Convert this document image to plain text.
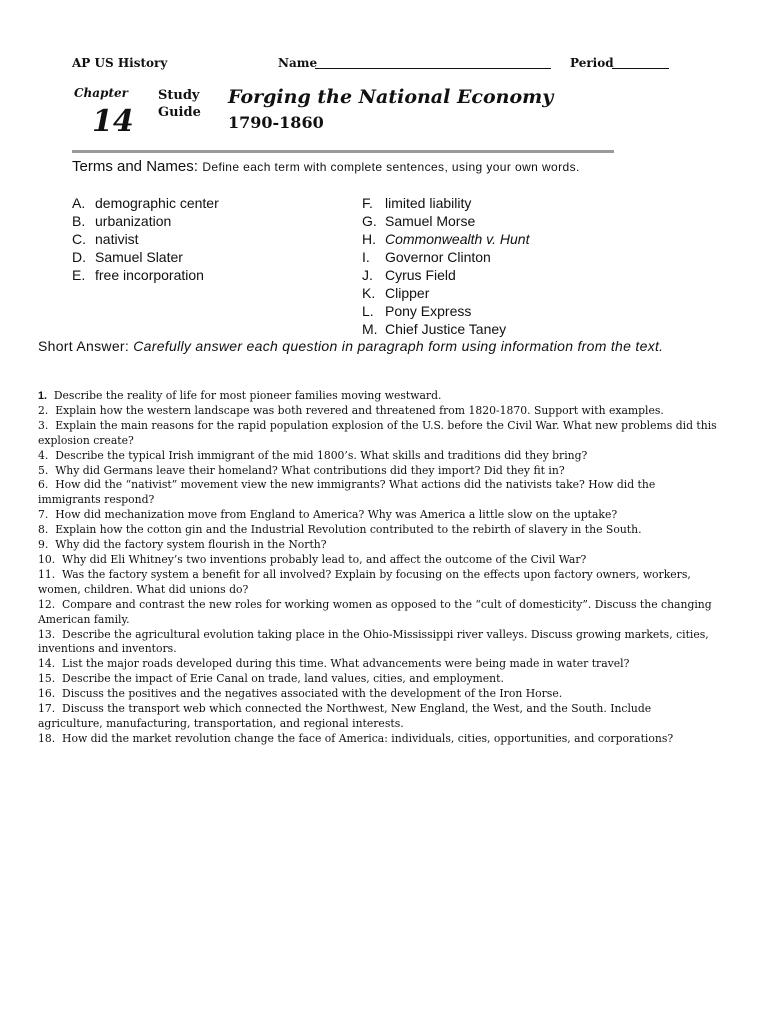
AP US History	Name	Period
Chapter
14
Study
Guide
Forging the National Economy
1790-1860
Terms and Names: Define each term with complete sentences, using your own words.
A. demographic center
B. urbanization
C. nativist
D. Samuel Slater
E. free incorporation
F. limited liability
G. Samuel Morse
H. Commonwealth v. Hunt
I. Governor Clinton
J. Cyrus Field
K. Clipper
L. Pony Express
M. Chief Justice Taney
Short Answer: Carefully answer each question in paragraph form using information from the text.
1. Describe the reality of life for most pioneer families moving westward.
2. Explain how the western landscape was both revered and threatened from 1820-1870. Support with examples.
3. Explain the main reasons for the rapid population explosion of the U.S. before the Civil War. What new problems did this explosion create?
4. Describe the typical Irish immigrant of the mid 1800’s. What skills and traditions did they bring?
5. Why did Germans leave their homeland? What contributions did they import? Did they fit in?
6. How did the “nativist” movement view the new immigrants? What actions did the nativists take? How did the immigrants respond?
7. How did mechanization move from England to America? Why was America a little slow on the uptake?
8. Explain how the cotton gin and the Industrial Revolution contributed to the rebirth of slavery in the South.
9. Why did the factory system flourish in the North?
10. Why did Eli Whitney’s two inventions probably lead to, and affect the outcome of the Civil War?
11. Was the factory system a benefit for all involved? Explain by focusing on the effects upon factory owners, workers, women, children. What did unions do?
12. Compare and contrast the new roles for working women as opposed to the “cult of domesticity”. Discuss the changing American family.
13. Describe the agricultural evolution taking place in the Ohio-Mississippi river valleys. Discuss growing markets, cities, inventions and inventors.
14. List the major roads developed during this time. What advancements were being made in water travel?
15. Describe the impact of Erie Canal on trade, land values, cities, and employment.
16. Discuss the positives and the negatives associated with the development of the Iron Horse.
17. Discuss the transport web which connected the Northwest, New England, the West, and the South. Include agriculture, manufacturing, transportation, and regional interests.
18. How did the market revolution change the face of America: individuals, cities, opportunities, and corporations?
